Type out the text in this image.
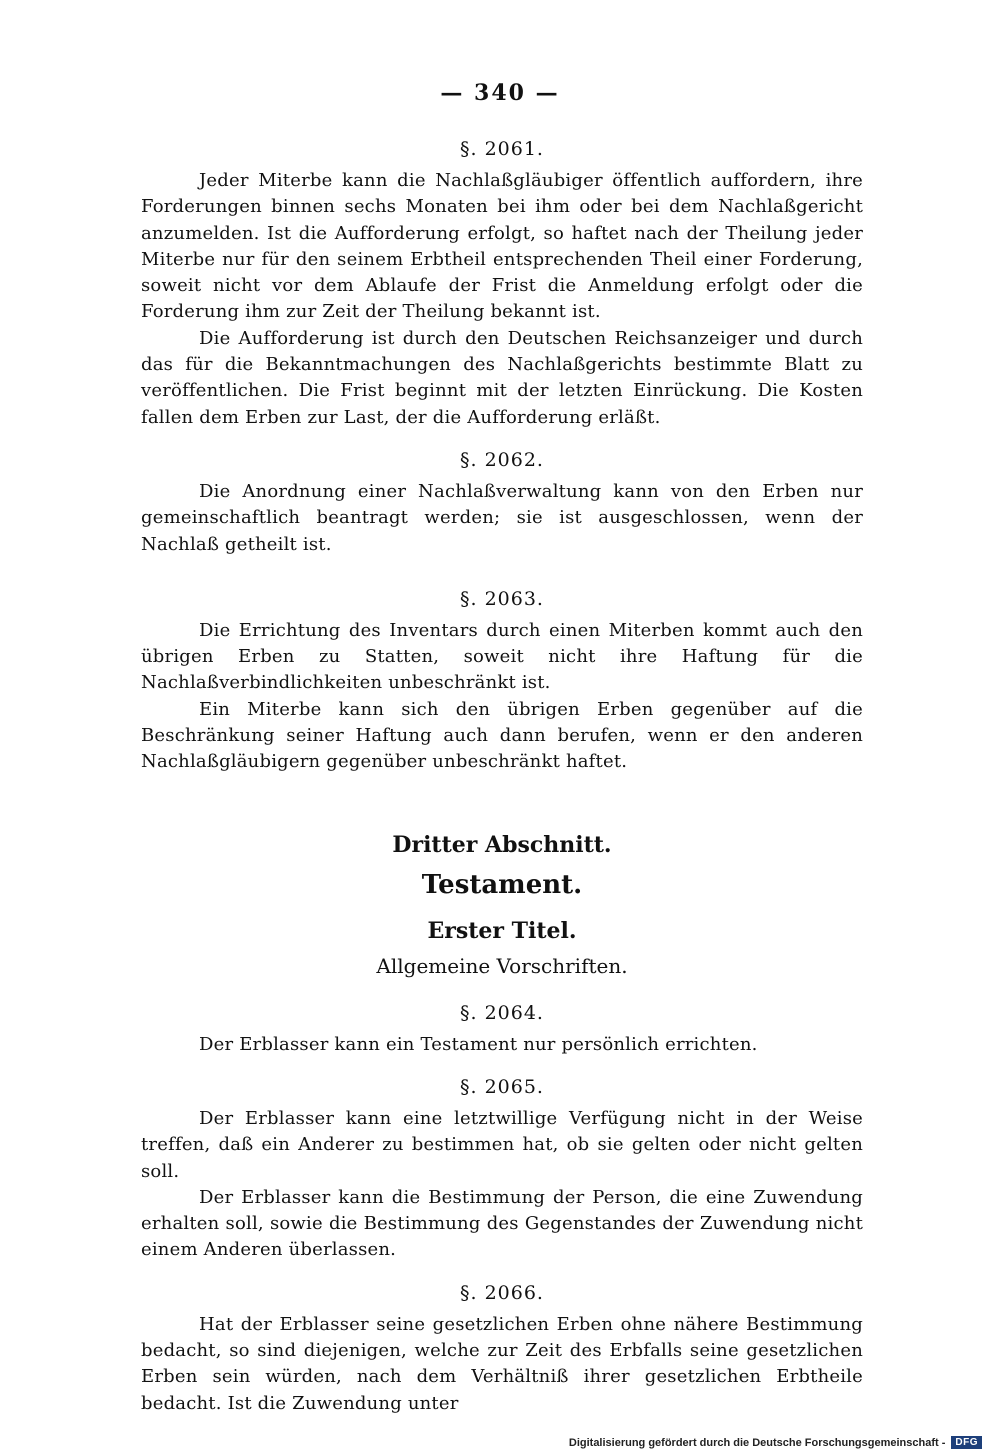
— 340 —

§. 2061.

Jeder Miterbe kann die Nachlaßgläubiger öffentlich auffordern, ihre Forderungen binnen sechs Monaten bei ihm oder bei dem Nachlaßgericht anzumelden. Ist die Aufforderung erfolgt, so haftet nach der Theilung jeder Miterbe nur für den seinem Erbtheil entsprechenden Theil einer Forderung, soweit nicht vor dem Ablaufe der Frist die Anmeldung erfolgt oder die Forderung ihm zur Zeit der Theilung bekannt ist.

Die Aufforderung ist durch den Deutschen Reichsanzeiger und durch das für die Bekanntmachungen des Nachlaßgerichts bestimmte Blatt zu veröffentlichen. Die Frist beginnt mit der letzten Einrückung. Die Kosten fallen dem Erben zur Last, der die Aufforderung erläßt.

§. 2062.

Die Anordnung einer Nachlaßverwaltung kann von den Erben nur gemeinschaftlich beantragt werden; sie ist ausgeschlossen, wenn der Nachlaß getheilt ist.

§. 2063.

Die Errichtung des Inventars durch einen Miterben kommt auch den übrigen Erben zu Statten, soweit nicht ihre Haftung für die Nachlaßverbindlichkeiten unbeschränkt ist.

Ein Miterbe kann sich den übrigen Erben gegenüber auf die Beschränkung seiner Haftung auch dann berufen, wenn er den anderen Nachlaßgläubigern gegenüber unbeschränkt haftet.

Dritter Abschnitt.

Testament.

Erster Titel.

Allgemeine Vorschriften.

§. 2064.

Der Erblasser kann ein Testament nur persönlich errichten.

§. 2065.

Der Erblasser kann eine letztwillige Verfügung nicht in der Weise treffen, daß ein Anderer zu bestimmen hat, ob sie gelten oder nicht gelten soll.

Der Erblasser kann die Bestimmung der Person, die eine Zuwendung erhalten soll, sowie die Bestimmung des Gegenstandes der Zuwendung nicht einem Anderen überlassen.

§. 2066.

Hat der Erblasser seine gesetzlichen Erben ohne nähere Bestimmung bedacht, so sind diejenigen, welche zur Zeit des Erbfalls seine gesetzlichen Erben sein würden, nach dem Verhältniß ihrer gesetzlichen Erbtheile bedacht. Ist die Zuwendung unter

Digitalisierung gefördert durch die Deutsche Forschungsgemeinschaft -	DFG
